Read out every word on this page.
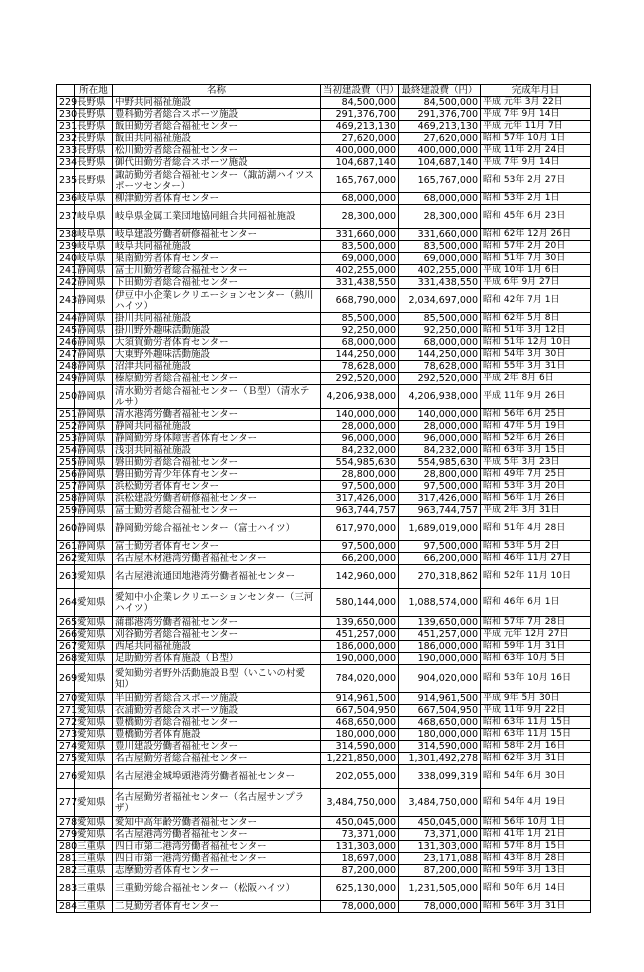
	所在地	名称	当初建設費（円）	最終建設費（円）	完成年月日
229	長野県	中野共同福祉施設	84,500,000	84,500,000	平成 元年 3月 22日
230	長野県	豊科勤労者総合スポーツ施設	291,376,700	291,376,700	平成 7年 9月 14日
231	長野県	飯田勤労者総合福祉センター	469,213,130	469,213,130	平成 元年 11月 7日
232	長野県	飯田共同福祉施設	27,620,000	27,620,000	昭和 57年 10月 1日
233	長野県	松川勤労者総合福祉センター	400,000,000	400,000,000	平成 11年 2月 24日
234	長野県	御代田勤労者総合スポーツ施設	104,687,140	104,687,140	平成 7年 9月 14日
235	長野県	諏訪勤労者総合福祉センター（諏訪湖ハイツスポーツセンター）	165,767,000	165,767,000	昭和 53年 2月 27日
236	岐阜県	柳津勤労者体育センター	68,000,000	68,000,000	昭和 53年 2月 1日
237	岐阜県	岐阜県金属工業団地協同組合共同福祉施設	28,300,000	28,300,000	昭和 45年 6月 23日
238	岐阜県	岐阜建設労働者研修福祉センター	331,660,000	331,660,000	昭和 62年 12月 26日
239	岐阜県	岐阜共同福祉施設	83,500,000	83,500,000	昭和 57年 2月 20日
240	岐阜県	巣南勤労者体育センター	69,000,000	69,000,000	昭和 51年 7月 30日
241	静岡県	富士川勤労者総合福祉センター	402,255,000	402,255,000	平成 10年 1月 6日
242	静岡県	下田勤労者総合福祉センター	331,438,550	331,438,550	平成 6年 9月 27日
243	静岡県	伊豆中小企業レクリエーションセンター（熱川ハイツ）	668,790,000	2,034,697,000	昭和 42年 7月 1日
244	静岡県	掛川共同福祉施設	85,500,000	85,500,000	昭和 62年 5月 8日
245	静岡県	掛川野外趣味活動施設	92,250,000	92,250,000	昭和 51年 3月 12日
246	静岡県	大須賀勤労者体育センター	68,000,000	68,000,000	昭和 51年 12月 10日
247	静岡県	大東野外趣味活動施設	144,250,000	144,250,000	昭和 54年 3月 30日
248	静岡県	沼津共同福祉施設	78,628,000	78,628,000	昭和 55年 3月 31日
249	静岡県	榛原勤労者総合福祉センター	292,520,000	292,520,000	平成 2年 8月 6日
250	静岡県	清水勤労者総合福祉センター（Ｂ型）（清水テルサ）	4,206,938,000	4,206,938,000	平成 11年 9月 26日
251	静岡県	清水港湾労働者福祉センター	140,000,000	140,000,000	昭和 56年 6月 25日
252	静岡県	静岡共同福祉施設	28,000,000	28,000,000	昭和 47年 5月 19日
253	静岡県	静岡勤労身体障害者体育センター	96,000,000	96,000,000	昭和 52年 6月 26日
254	静岡県	浅羽共同福祉施設	84,232,000	84,232,000	昭和 63年 3月 15日
255	静岡県	磐田勤労者総合福祉センター	554,985,630	554,985,630	平成 5年 3月 23日
256	静岡県	磐田勤労青少年体育センター	28,800,000	28,800,000	昭和 49年 7月 25日
257	静岡県	浜松勤労者体育センター	97,500,000	97,500,000	昭和 53年 3月 20日
258	静岡県	浜松建設労働者研修福祉センター	317,426,000	317,426,000	昭和 56年 1月 26日
259	静岡県	富士勤労者総合福祉センター	963,744,757	963,744,757	平成 2年 3月 31日
260	静岡県	静岡勤労総合福祉センター（富士ハイツ）	617,970,000	1,689,019,000	昭和 51年 4月 28日
261	静岡県	富士勤労者体育センター	97,500,000	97,500,000	昭和 53年 5月 2日
262	愛知県	名古屋木材港湾労働者福祉センター	66,200,000	66,200,000	昭和 46年 11月 27日
263	愛知県	名古屋港流通団地港湾労働者福祉センター	142,960,000	270,318,862	昭和 52年 11月 10日
264	愛知県	愛知中小企業レクリエーションセンター（三河ハイツ）	580,144,000	1,088,574,000	昭和 46年 6月 1日
265	愛知県	蒲郡港湾労働者福祉センター	139,650,000	139,650,000	昭和 57年 7月 28日
266	愛知県	刈谷勤労者総合福祉センター	451,257,000	451,257,000	平成 元年 12月 27日
267	愛知県	西尾共同福祉施設	186,000,000	186,000,000	昭和 59年 1月 31日
268	愛知県	足助勤労者体育施設（Ｂ型）	190,000,000	190,000,000	昭和 63年 10月 5日
269	愛知県	愛知勤労者野外活動施設Ｂ型（いこいの村愛知）	784,020,000	904,020,000	昭和 53年 10月 16日
270	愛知県	半田勤労者総合スポーツ施設	914,961,500	914,961,500	平成 9年 5月 30日
271	愛知県	衣浦勤労者総合スポーツ施設	667,504,950	667,504,950	平成 11年 9月 22日
272	愛知県	豊橋勤労者総合福祉センター	468,650,000	468,650,000	昭和 63年 11月 15日
273	愛知県	豊橋勤労者体育施設	180,000,000	180,000,000	昭和 63年 11月 15日
274	愛知県	豊川建設労働者福祉センター	314,590,000	314,590,000	昭和 58年 2月 16日
275	愛知県	名古屋勤労者総合福祉センター	1,221,850,000	1,301,492,278	昭和 62年 3月 31日
276	愛知県	名古屋港金城埠頭港湾労働者福祉センター	202,055,000	338,099,319	昭和 54年 6月 30日
277	愛知県	名古屋勤労者福祉センター（名古屋サンプラザ）	3,484,750,000	3,484,750,000	昭和 54年 4月 19日
278	愛知県	愛知中高年齢労働者福祉センター	450,045,000	450,045,000	昭和 56年 10月 1日
279	愛知県	名古屋港湾労働者福祉センター	73,371,000	73,371,000	昭和 41年 1月 21日
280	三重県	四日市第二港湾労働者福祉センター	131,303,000	131,303,000	昭和 57年 8月 15日
281	三重県	四日市第一港湾労働者福祉センター	18,697,000	23,171,088	昭和 43年 8月 28日
282	三重県	志摩勤労者体育センター	87,200,000	87,200,000	昭和 59年 3月 13日
283	三重県	三重勤労総合福祉センター（松阪ハイツ）	625,130,000	1,231,505,000	昭和 50年 6月 14日
284	三重県	二見勤労者体育センター	78,000,000	78,000,000	昭和 56年 3月 31日
